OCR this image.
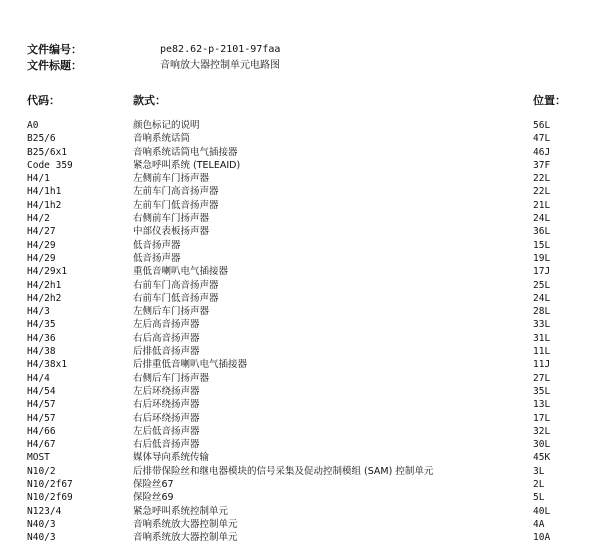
文件编号：	pe82.62-p-2101-97faa
文件标题：	音响放大器控制单元电路图
代码：	款式：	位置：
A0	颜色标记的说明	56L
B25/6	音响系统话筒	47L
B25/6x1	音响系统话筒电气插接器	46J
Code 359	紧急呼叫系统 (TELEAID)	37F
H4/1	左侧前车门扬声器	22L
H4/1h1	左前车门高音扬声器	22L
H4/1h2	左前车门低音扬声器	21L
H4/2	右侧前车门扬声器	24L
H4/27	中部仪表板扬声器	36L
H4/29	低音扬声器	15L
H4/29	低音扬声器	19L
H4/29x1	重低音喇叭电气插接器	17J
H4/2h1	右前车门高音扬声器	25L
H4/2h2	右前车门低音扬声器	24L
H4/3	左侧后车门扬声器	28L
H4/35	左后高音扬声器	33L
H4/36	右后高音扬声器	31L
H4/38	后排低音扬声器	11L
H4/38x1	后排重低音喇叭电气插接器	11J
H4/4	右侧后车门扬声器	27L
H4/54	左后环绕扬声器	35L
H4/57	右后环绕扬声器	13L
H4/57	右后环绕扬声器	17L
H4/66	左后低音扬声器	32L
H4/67	右后低音扬声器	30L
MOST	媒体导向系统传输	45K
N10/2	后排带保险丝和继电器模块的信号采集及促动控制模组 (SAM) 控制单元	3L
N10/2f67	保险丝67	2L
N10/2f69	保险丝69	5L
N123/4	紧急呼叫系统控制单元	40L
N40/3	音响系统放大器控制单元	4A
N40/3	音响系统放大器控制单元	10A
